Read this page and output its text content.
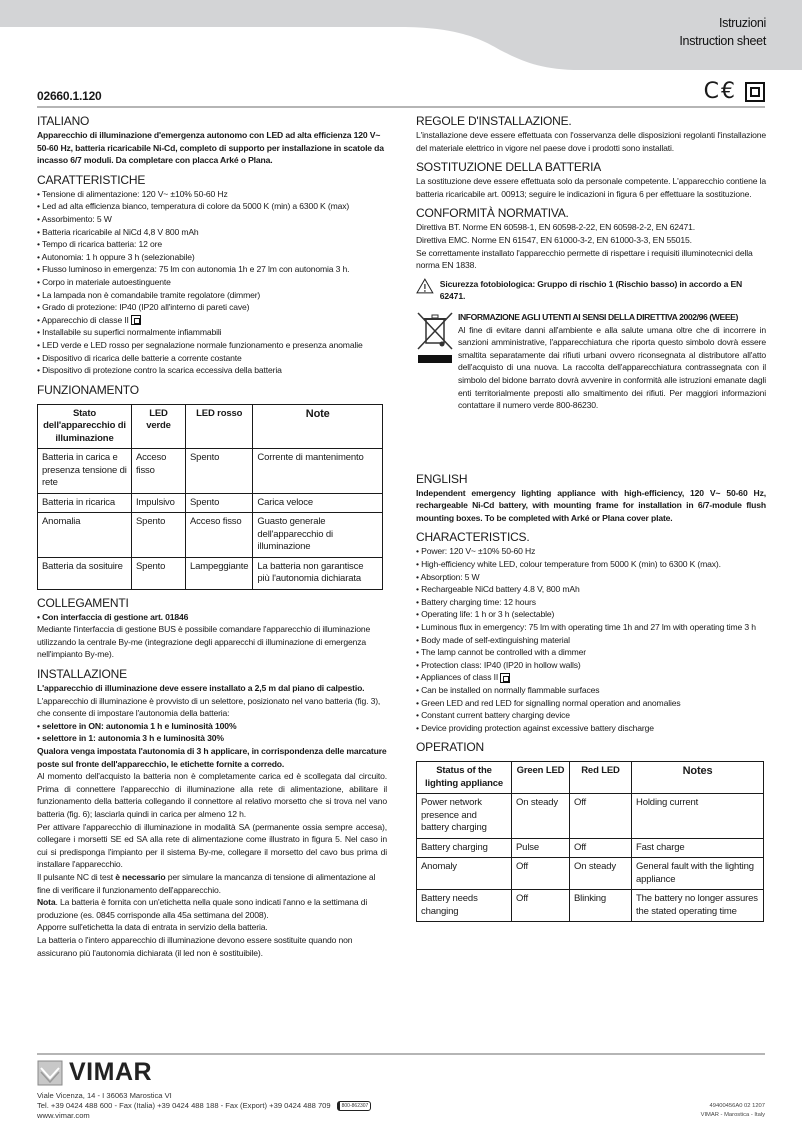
Istruzioni
Instruction sheet
02660.1.120	C€
ITALIANO

Apparecchio di illuminazione d'emergenza autonomo con LED ad alta efficienza 120 V~ 50-60 Hz, batteria ricaricabile Ni-Cd, completo di supporto per installazione in scatole da incasso 6/7 moduli. Da completare con placca Arké o Plana.

CARATTERISTICHE
• Tensione di alimentazione: 120 V~ ±10% 50-60 Hz
• Led ad alta efficienza bianco, temperatura di colore da 5000 K (min) a 6300 K (max)
• Assorbimento: 5 W
• Batteria ricaricabile al NiCd 4,8 V 800 mAh
• Tempo di ricarica batteria: 12 ore
• Autonomia: 1 h oppure 3 h (selezionabile)
• Flusso luminoso in emergenza: 75 lm con autonomia 1h e 27 lm con autonomia 3 h.
• Corpo in materiale autoestinguente
• La lampada non è comandabile tramite regolatore (dimmer)
• Grado di protezione: IP40 (IP20 all'interno di pareti cave)
• Apparecchio di classe II
• Installabile su superfici normalmente infiammabili
• LED verde e LED rosso per segnalazione normale funzionamento e presenza anomalie
• Dispositivo di ricarica delle batterie a corrente costante
• Dispositivo di protezione contro la scarica eccessiva della batteria
FUNZIONAMENTO
Stato dell'apparecchio di illuminazione	LED verde	LED rosso	Note
Batteria in carica e presenza tensione di rete	Acceso fisso	Spento	Corrente di mantenimento
Batteria in ricarica	Impulsivo	Spento	Carica veloce
Anomalia	Spento	Acceso fisso	Guasto generale dell'apparecchio di illuminazione
Batteria da sosituire	Spento	Lampeggiante	La batteria non garantisce più l'autonomia dichiarata
COLLEGAMENTI

• Con interfaccia di gestione art. 01846

Mediante l'interfaccia di gestione BUS è possibile comandare l'apparecchio di illuminazione utilizzando la centrale By-me (integrazione degli apparecchi di illuminazione di emergenza nell'impianto By-me).

INSTALLAZIONE

L'apparecchio di illuminazione deve essere installato a 2,5 m dal piano di calpestio.

L'apparecchio di illuminazione è provvisto di un selettore, posizionato nel vano batteria (fig. 3), che consente di impostare l'autonomia della batteria:

• selettore in ON: autonomia 1 h e luminosità 100%

• selettore in 1: autonomia 3 h e luminosità 30%

Qualora venga impostata l'autonomia di 3 h applicare, in corrispondenza delle marcature poste sul fronte dell'apparecchio, le etichette fornite a corredo.

Al momento dell'acquisto la batteria non è completamente carica ed è scollegata dal circuito. Prima di connettere l'apparecchio di illuminazione alla rete di alimentazione, abilitare il funzionamento della batteria collegando il connettore al relativo morsetto che si trova nel vano batteria (fig. 6); lasciarla quindi in carica per almeno 12 h.

Per attivare l'apparecchio di illuminazione in modalità SA (permanente ossia sempre accesa), collegare i morsetti SE ed SA alla rete di alimentazione come illustrato in figura 5. Nel caso in cui si predisponga l'impianto per il sistema By-me, collegare il morsetto del cavo bus prima di installare l'apparecchio.

Il pulsante NC di test è necessario per simulare la mancanza di tensione di alimentazione al fine di verificare il funzionamento dell'apparecchio.

Nota. La batteria è fornita con un'etichetta nella quale sono indicati l'anno e la settimana di produzione (es. 0845 corrisponde alla 45a settimana del 2008).

Apporre sull'etichetta la data di entrata in servizio della batteria.

La batteria o l'intero apparecchio di illuminazione devono essere sostituite quando non assicurano più l'autonomia dichiarata (il led non è sostituibile).

REGOLE D'INSTALLAZIONE.

L'installazione deve essere effettuata con l'osservanza delle disposizioni regolanti l'installazione del materiale elettrico in vigore nel paese dove i prodotti sono installati.

SOSTITUZIONE DELLA BATTERIA

La sostituzione deve essere effettuata solo da personale competente. L'apparecchio contiene la batteria ricaricabile art. 00913; seguire le indicazioni in figura 6 per effettuare la sostituzione.

CONFORMITÀ NORMATIVA.

Direttiva BT. Norme EN 60598-1, EN 60598-2-22, EN 60598-2-2, EN 62471.

Direttiva EMC. Norme EN 61547, EN 61000-3-2, EN 61000-3-3, EN 55015.

Se correttamente installato l'apparecchio permette di rispettare i requisiti illuminotecnici della norma EN 1838.

Sicurezza fotobiologica: Gruppo di rischio 1 (Rischio basso) in accordo a EN 62471.

INFORMAZIONE AGLI UTENTI AI SENSI DELLA DIRETTIVA 2002/96 (WEEE)

Al fine di evitare danni all'ambiente e alla salute umana oltre che di incorrere in sanzioni amministrative, l'apparecchiatura che riporta questo simbolo dovrà essere smaltita separatamente dai rifiuti urbani ovvero riconsegnata al distributore all'atto dell'acquisto di una nuova. La raccolta dell'apparecchiatura contrassegnata con il simbolo del bidone barrato dovrà avvenire in conformità alle istruzioni emanate dagli enti territorialmente preposti allo smaltimento dei rifiuti. Per maggiori informazioni contattare il numero verde 800-86230.

ENGLISH

Independent emergency lighting appliance with high-efficiency, 120 V~ 50-60 Hz, rechargeable Ni-Cd battery, with mounting frame for installation in 6/7-module flush mounting boxes. To be completed with Arké or Plana cover plate.

CHARACTERISTICS.
• Power: 120 V~ ±10% 50-60 Hz
• High-efficiency white LED, colour temperature from 5000 K (min) to 6300 K (max).
• Absorption: 5 W
• Rechargeable NiCd battery 4.8 V, 800 mAh
• Battery charging time: 12 hours
• Operating life: 1 h or 3 h (selectable)
• Luminous flux in emergency: 75 lm with operating time 1h and 27 lm with operating time 3 h
• Body made of self-extinguishing material
• The lamp cannot be controlled with a dimmer
• Protection class: IP40 (IP20 in hollow walls)
• Appliances of class II
• Can be installed on normally flammable surfaces
• Green LED and red LED for signalling normal operation and anomalies
• Constant current battery charging device
• Device providing protection against excessive battery discharge
OPERATION
Status of the lighting appliance	Green LED	Red LED	Notes
Power network presence and battery charging	On steady	Off	Holding current
Battery charging	Pulse	Off	Fast charge
Anomaly	Off	On steady	General fault with the lighting appliance
Battery needs changing	Off	Blinking	The battery no longer assures the stated operating time
VIMAR
Viale Vicenza, 14 - I 36063 Marostica VI
Tel. +39 0424 488 600 - Fax (Italia) +39 0424 488 188 - Fax (Export) +39 0424 488 709 800-862307
www.vimar.com
49400456A0 02 1207
VIMAR - Marostica - Italy
